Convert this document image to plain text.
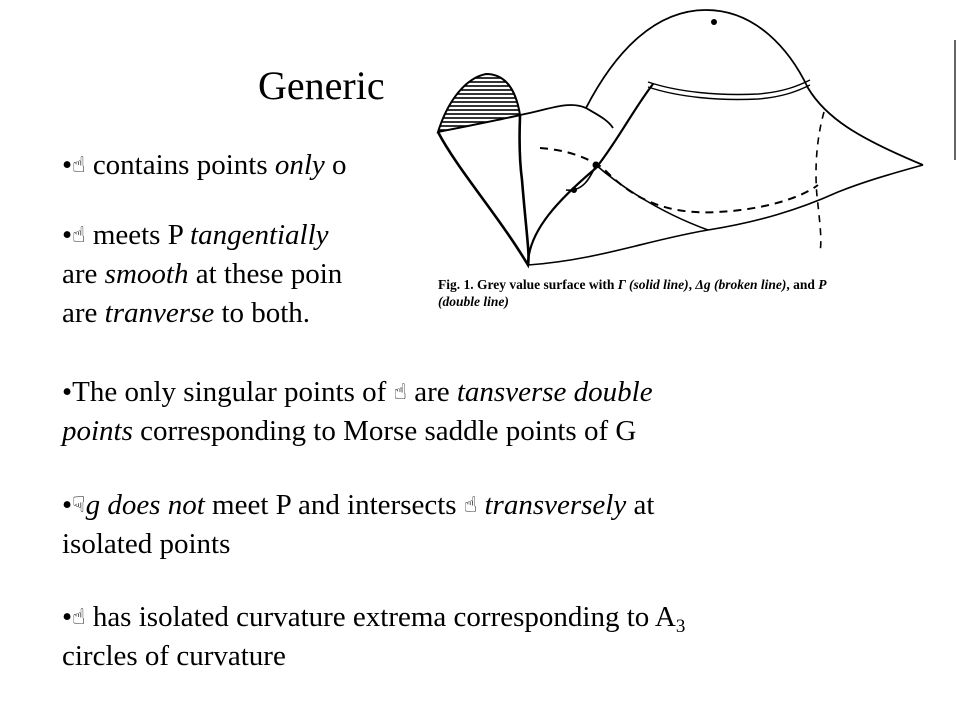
Generic
Fig. 1. Grey value surface with Γ (solid line), Δg (broken line), and P
(double line)
•☝ contains points only o
•☝ meets P tangentially
are smooth at these poin
are tranverse to both.
•The only singular points of ☝ are tansverse double
points corresponding to Morse saddle points of G
•☟g does not meet P and intersects ☝ transversely at
isolated points
•☝ has isolated curvature extrema corresponding to $A_3$
circles of curvature
